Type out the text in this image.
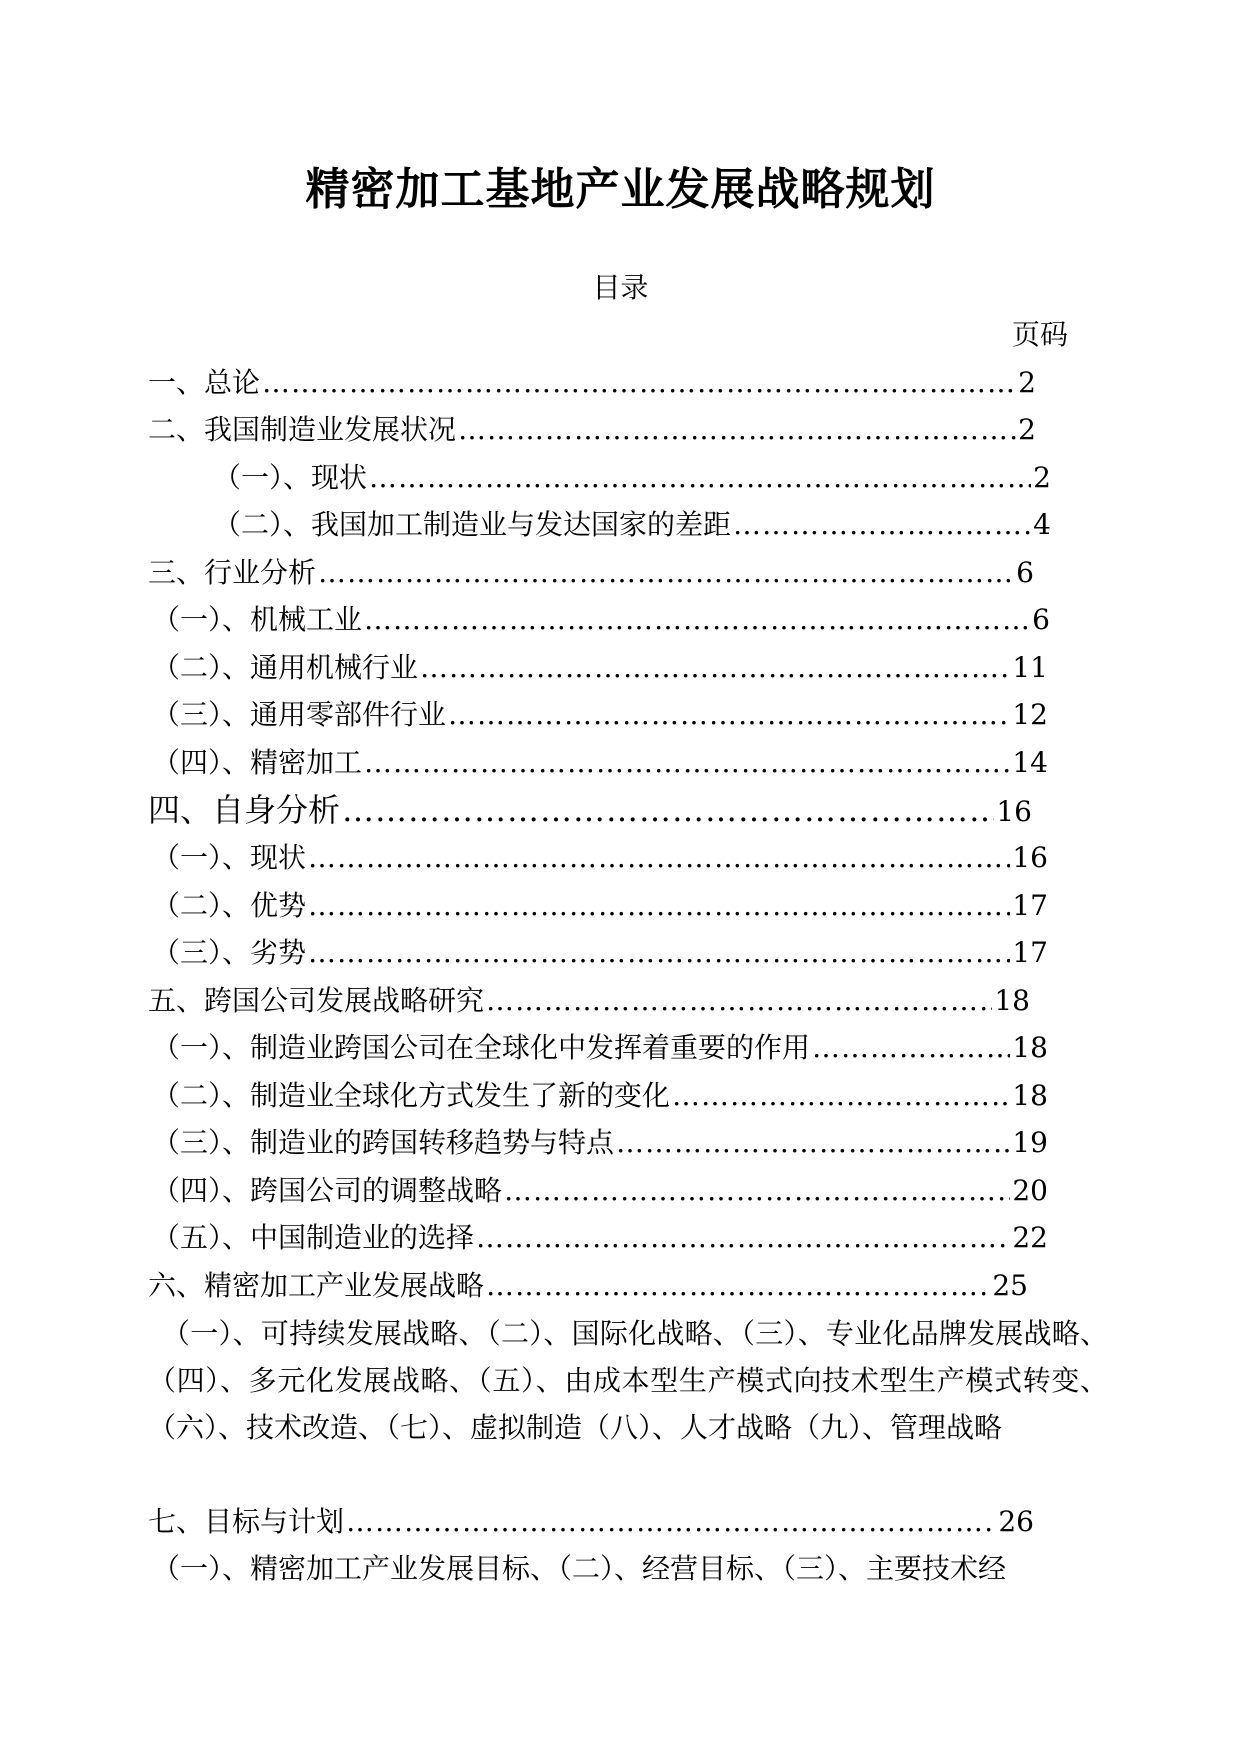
精密加工基地产业发展战略规划
目录
页码
一、总论 ……………………………………………………………………………………………………………………………………………………………………………………	2
二、我国制造业发展状况 ……………………………………………………………………………………………………………………………………………………………………………………	2
（一）、现状 ……………………………………………………………………………………………………………………………………………………………………………………	2
（二）、我国加工制造业与发达国家的差距 ……………………………………………………………………………………………………………………………………………………………………………………	4
三、行业分析 ……………………………………………………………………………………………………………………………………………………………………………………	6
（一）、机械工业 ……………………………………………………………………………………………………………………………………………………………………………………	6
（二）、通用机械行业 ……………………………………………………………………………………………………………………………………………………………………………………	11
（三）、通用零部件行业 ……………………………………………………………………………………………………………………………………………………………………………………	12
（四）、精密加工 ……………………………………………………………………………………………………………………………………………………………………………………	14
四、自身分析 ……………………………………………………………………………………………………………………………………………………………………………………	16
（一）、现状 ……………………………………………………………………………………………………………………………………………………………………………………	16
（二）、优势 ……………………………………………………………………………………………………………………………………………………………………………………	17
（三）、劣势 ……………………………………………………………………………………………………………………………………………………………………………………	17
五、跨国公司发展战略研究 ……………………………………………………………………………………………………………………………………………………………………………………	18
（一）、制造业跨国公司在全球化中发挥着重要的作用 ……………………………………………………………………………………………………………………………………………………………………………………	18
（二）、制造业全球化方式发生了新的变化 ……………………………………………………………………………………………………………………………………………………………………………………	18
（三）、制造业的跨国转移趋势与特点 ……………………………………………………………………………………………………………………………………………………………………………………	19
（四）、跨国公司的调整战略 ……………………………………………………………………………………………………………………………………………………………………………………	20
（五）、中国制造业的选择 ……………………………………………………………………………………………………………………………………………………………………………………	22
六、精密加工产业发展战略 ……………………………………………………………………………………………………………………………………………………………………………………	25
（一）、可持续发展战略、（二）、国际化战略、（三）、专业化品牌发展战略、（四）、多元化发展战略、（五）、由成本型生产模式向技术型生产模式转变、（六）、技术改造、（七）、虚拟制造（八）、人才战略（九）、管理战略
七、目标与计划 ……………………………………………………………………………………………………………………………………………………………………………………	26
（一）、精密加工产业发展目标、（二）、经营目标、（三）、主要技术经
